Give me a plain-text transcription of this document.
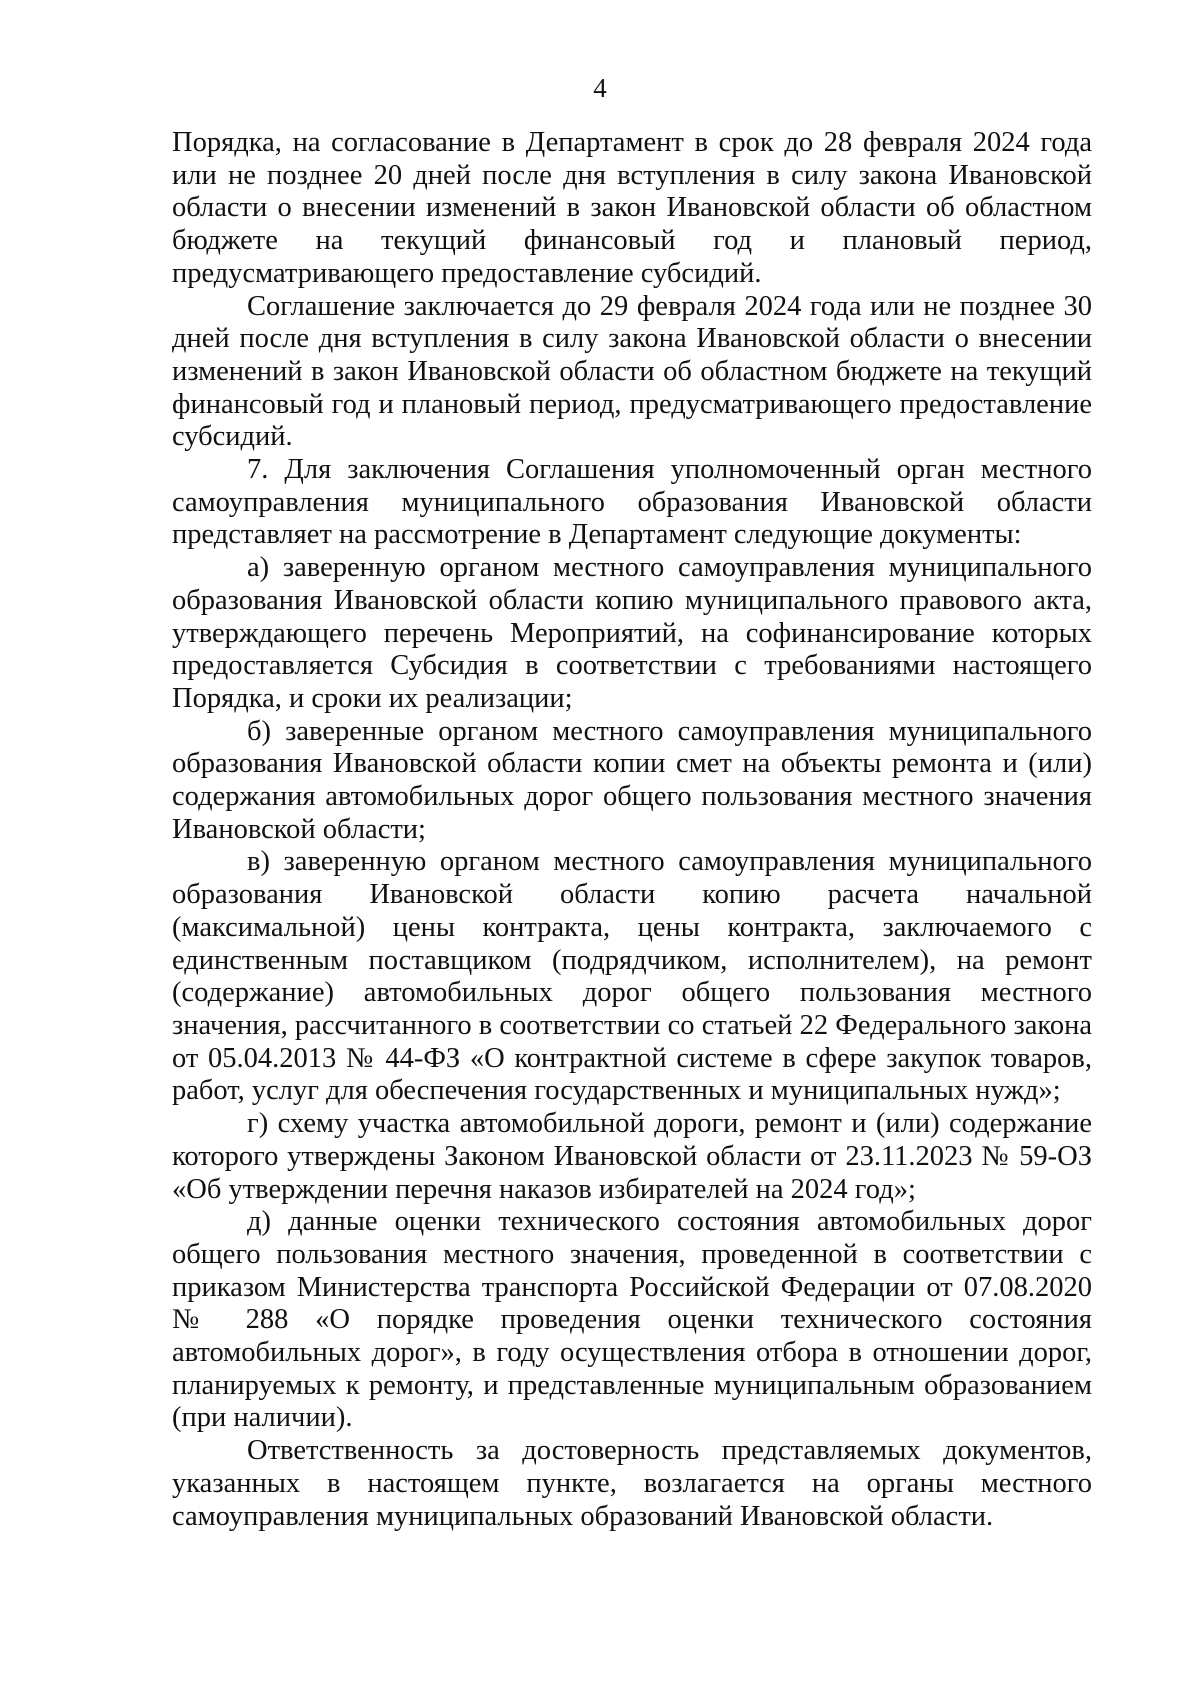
4

Порядка, на согласование в Департамент в срок до 28 февраля 2024 года или не позднее 20 дней после дня вступления в силу закона Ивановской области о внесении изменений в закон Ивановской области об областном бюджете на текущий финансовый год и плановый период, предусматривающего предоставление субсидий.

Соглашение заключается до 29 февраля 2024 года или не позднее 30 дней после дня вступления в силу закона Ивановской области о внесении изменений в закон Ивановской области об областном бюджете на текущий финансовый год и плановый период, предусматривающего предоставление субсидий.

7. Для заключения Соглашения уполномоченный орган местного самоуправления муниципального образования Ивановской области представляет на рассмотрение в Департамент следующие документы:

а) заверенную органом местного самоуправления муниципального образования Ивановской области копию муниципального правового акта, утверждающего перечень Мероприятий, на софинансирование которых предоставляется Субсидия в соответствии с требованиями настоящего Порядка, и сроки их реализации;

б) заверенные органом местного самоуправления муниципального образования Ивановской области копии смет на объекты ремонта и (или) содержания автомобильных дорог общего пользования местного значения Ивановской области;

в) заверенную органом местного самоуправления муниципального образования Ивановской области копию расчета начальной (максимальной) цены контракта, цены контракта, заключаемого с единственным поставщиком (подрядчиком, исполнителем), на ремонт (содержание) автомобильных дорог общего пользования местного значения, рассчитанного в соответствии со статьей 22 Федерального закона от 05.04.2013 № 44-ФЗ «О контрактной системе в сфере закупок товаров, работ, услуг для обеспечения государственных и муниципальных нужд»;

г) схему участка автомобильной дороги, ремонт и (или) содержание которого утверждены Законом Ивановской области от 23.11.2023 № 59-ОЗ «Об утверждении перечня наказов избирателей на 2024 год»;

д) данные оценки технического состояния автомобильных дорог общего пользования местного значения, проведенной в соответствии с приказом Министерства транспорта Российской Федерации от 07.08.2020 № 288 «О порядке проведения оценки технического состояния автомобильных дорог», в году осуществления отбора в отношении дорог, планируемых к ремонту, и представленные муниципальным образованием (при наличии).

Ответственность за достоверность представляемых документов, указанных в настоящем пункте, возлагается на органы местного самоуправления муниципальных образований Ивановской области.
